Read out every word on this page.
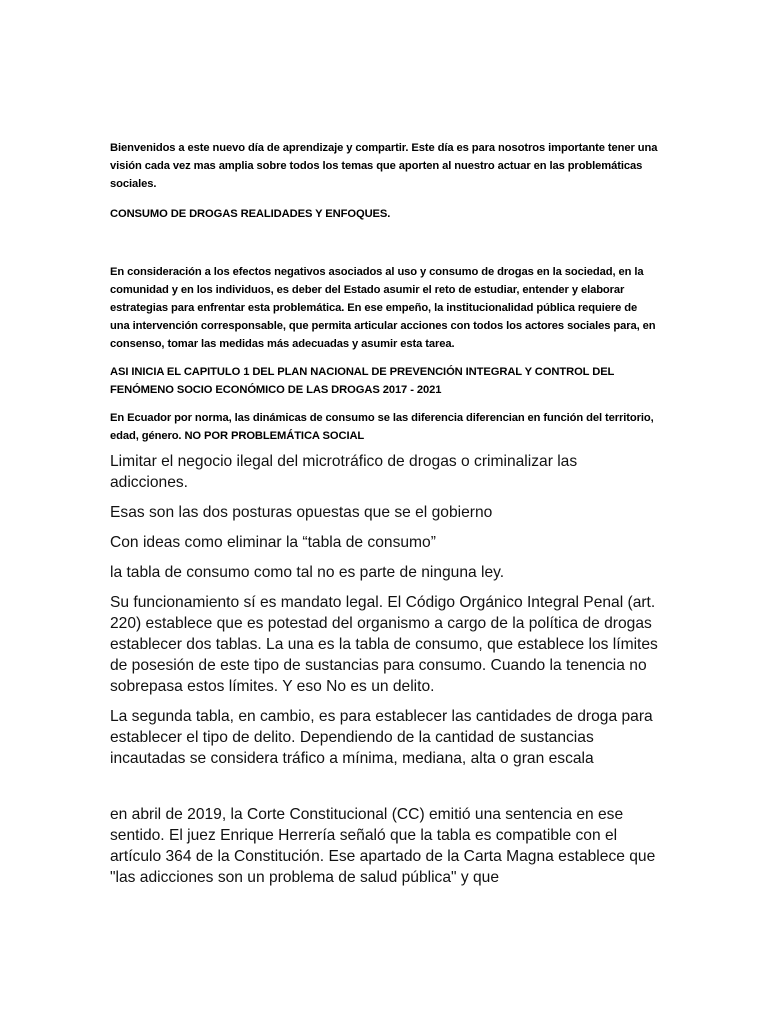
Bienvenidos a este nuevo día de aprendizaje y compartir. Este día es para nosotros importante tener una visión cada vez mas amplia sobre todos los temas que aporten al nuestro actuar en las problemáticas sociales.

CONSUMO DE DROGAS REALIDADES Y ENFOQUES.

En consideración a los efectos negativos asociados al uso y consumo de drogas en la sociedad, en la comunidad y en los individuos, es deber del Estado asumir el reto de estudiar, entender y elaborar estrategias para enfrentar esta problemática. En ese empeño, la institucionalidad pública requiere de una intervención corresponsable, que permita articular acciones con todos los actores sociales para, en consenso, tomar las medidas más adecuadas y asumir esta tarea.

ASI INICIA EL CAPITULO 1 DEL PLAN NACIONAL DE PREVENCIÓN INTEGRAL Y CONTROL DEL FENÓMENO SOCIO ECONÓMICO DE LAS DROGAS 2017 - 2021

En Ecuador por norma, las dinámicas de consumo se las diferencia diferencian en función del territorio, edad, género. NO POR PROBLEMÁTICA SOCIAL

Limitar el negocio ilegal del microtráfico de drogas o criminalizar las adicciones.

Esas son las dos posturas opuestas que se el gobierno

Con ideas como eliminar la “tabla de consumo”

la tabla de consumo como tal no es parte de ninguna ley.

Su funcionamiento sí es mandato legal. El Código Orgánico Integral Penal (art. 220) establece que es potestad del organismo a cargo de la política de drogas establecer dos tablas. La una es la tabla de consumo, que establece los límites de posesión de este tipo de sustancias para consumo. Cuando la tenencia no sobrepasa estos límites. Y eso No es un delito.

La segunda tabla, en cambio, es para establecer las cantidades de droga para establecer el tipo de delito. Dependiendo de la cantidad de sustancias incautadas se considera tráfico a mínima, mediana, alta o gran escala

en abril de 2019, la Corte Constitucional (CC) emitió una sentencia en ese sentido. El juez Enrique Herrería señaló que la tabla es compatible con el artículo 364 de la Constitución. Ese apartado de la Carta Magna establece que "las adicciones son un problema de salud pública" y que
